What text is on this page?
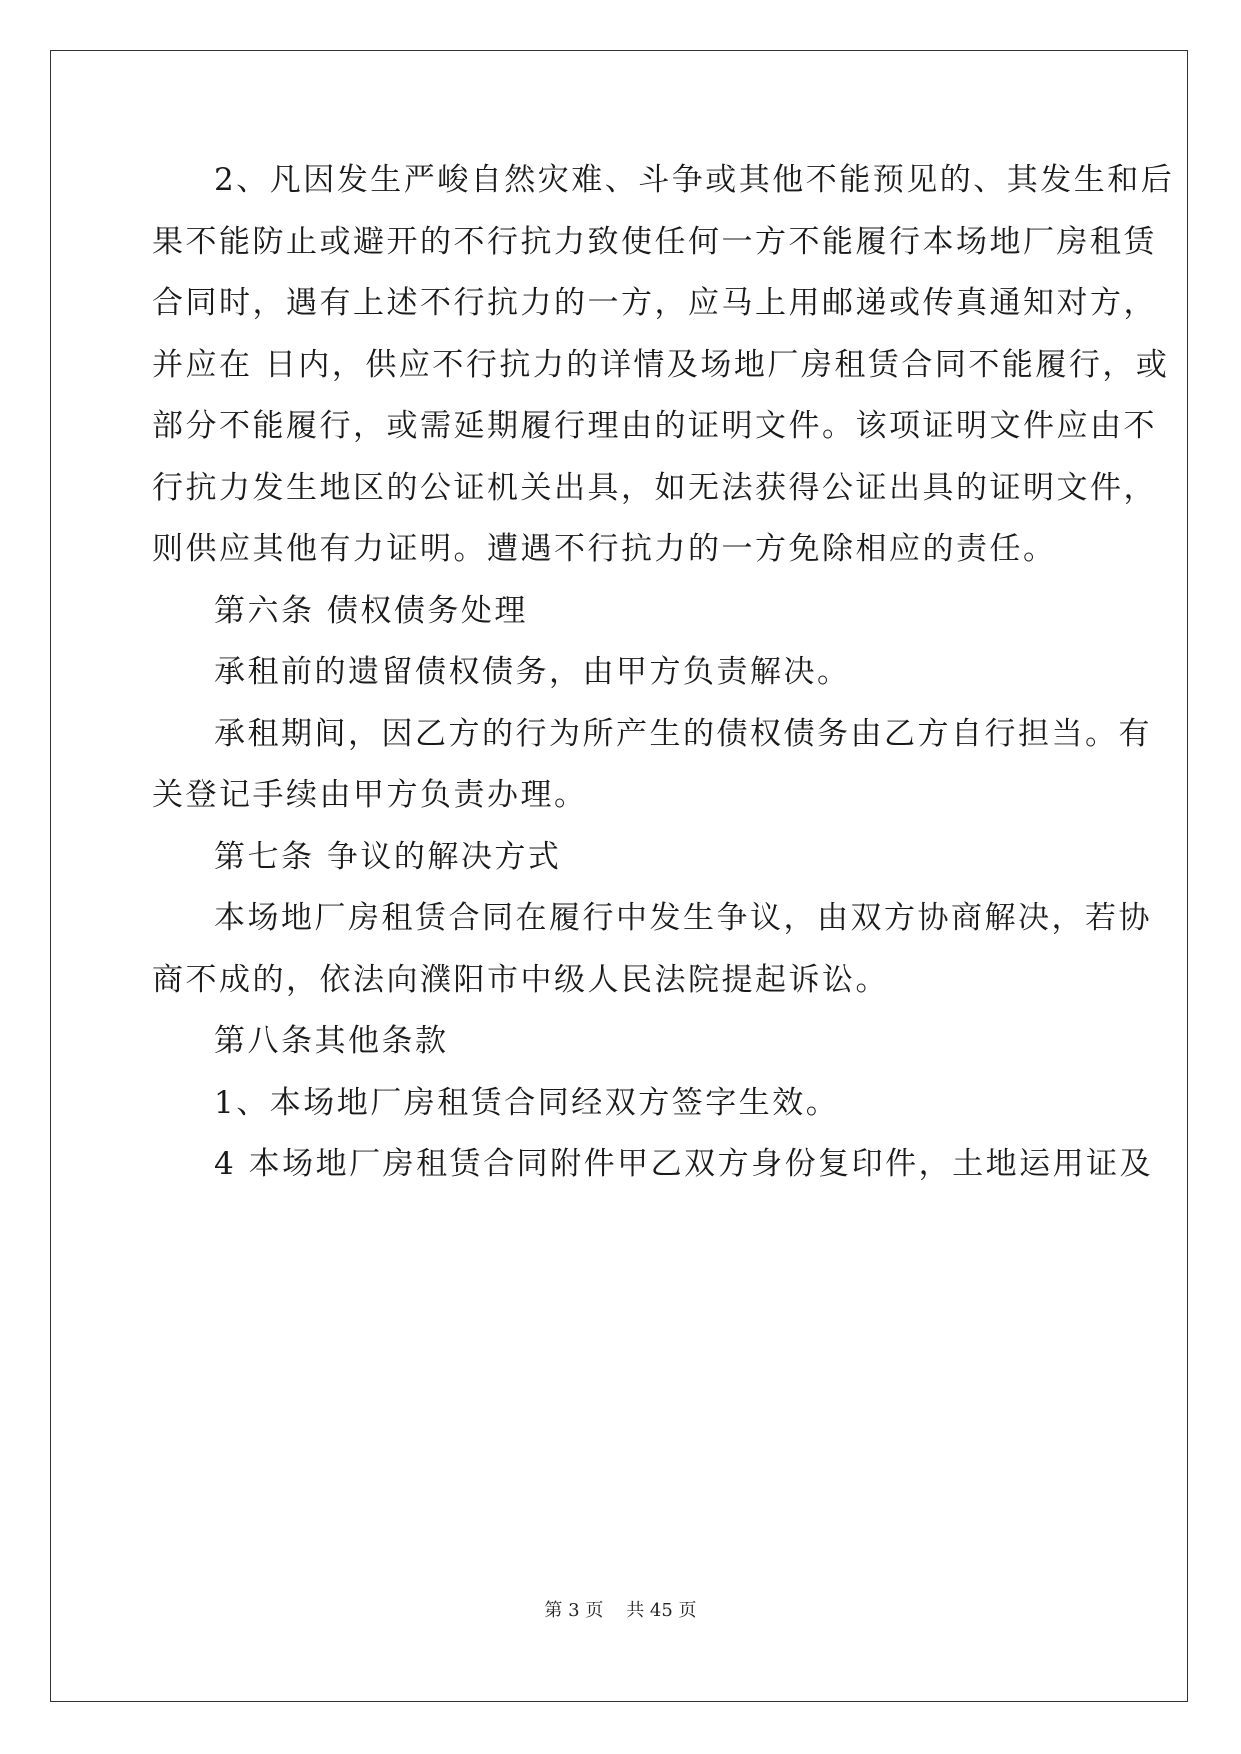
2、凡因发生严峻自然灾难、斗争或其他不能预见的、其发生和后
果不能防止或避开的不行抗力致使任何一方不能履行本场地厂房租赁
合同时，遇有上述不行抗力的一方，应马上用邮递或传真通知对方，
并应在 日内，供应不行抗力的详情及场地厂房租赁合同不能履行，或
部分不能履行，或需延期履行理由的证明文件。该项证明文件应由不
行抗力发生地区的公证机关出具，如无法获得公证出具的证明文件，
则供应其他有力证明。遭遇不行抗力的一方免除相应的责任。
第六条 债权债务处理
承租前的遗留债权债务，由甲方负责解决。
承租期间，因乙方的行为所产生的债权债务由乙方自行担当。有
关登记手续由甲方负责办理。
第七条 争议的解决方式
本场地厂房租赁合同在履行中发生争议，由双方协商解决，若协
商不成的，依法向濮阳市中级人民法院提起诉讼。
第八条其他条款
1、本场地厂房租赁合同经双方签字生效。
4 本场地厂房租赁合同附件甲乙双方身份复印件，土地运用证及
第 3 页    共 45 页
